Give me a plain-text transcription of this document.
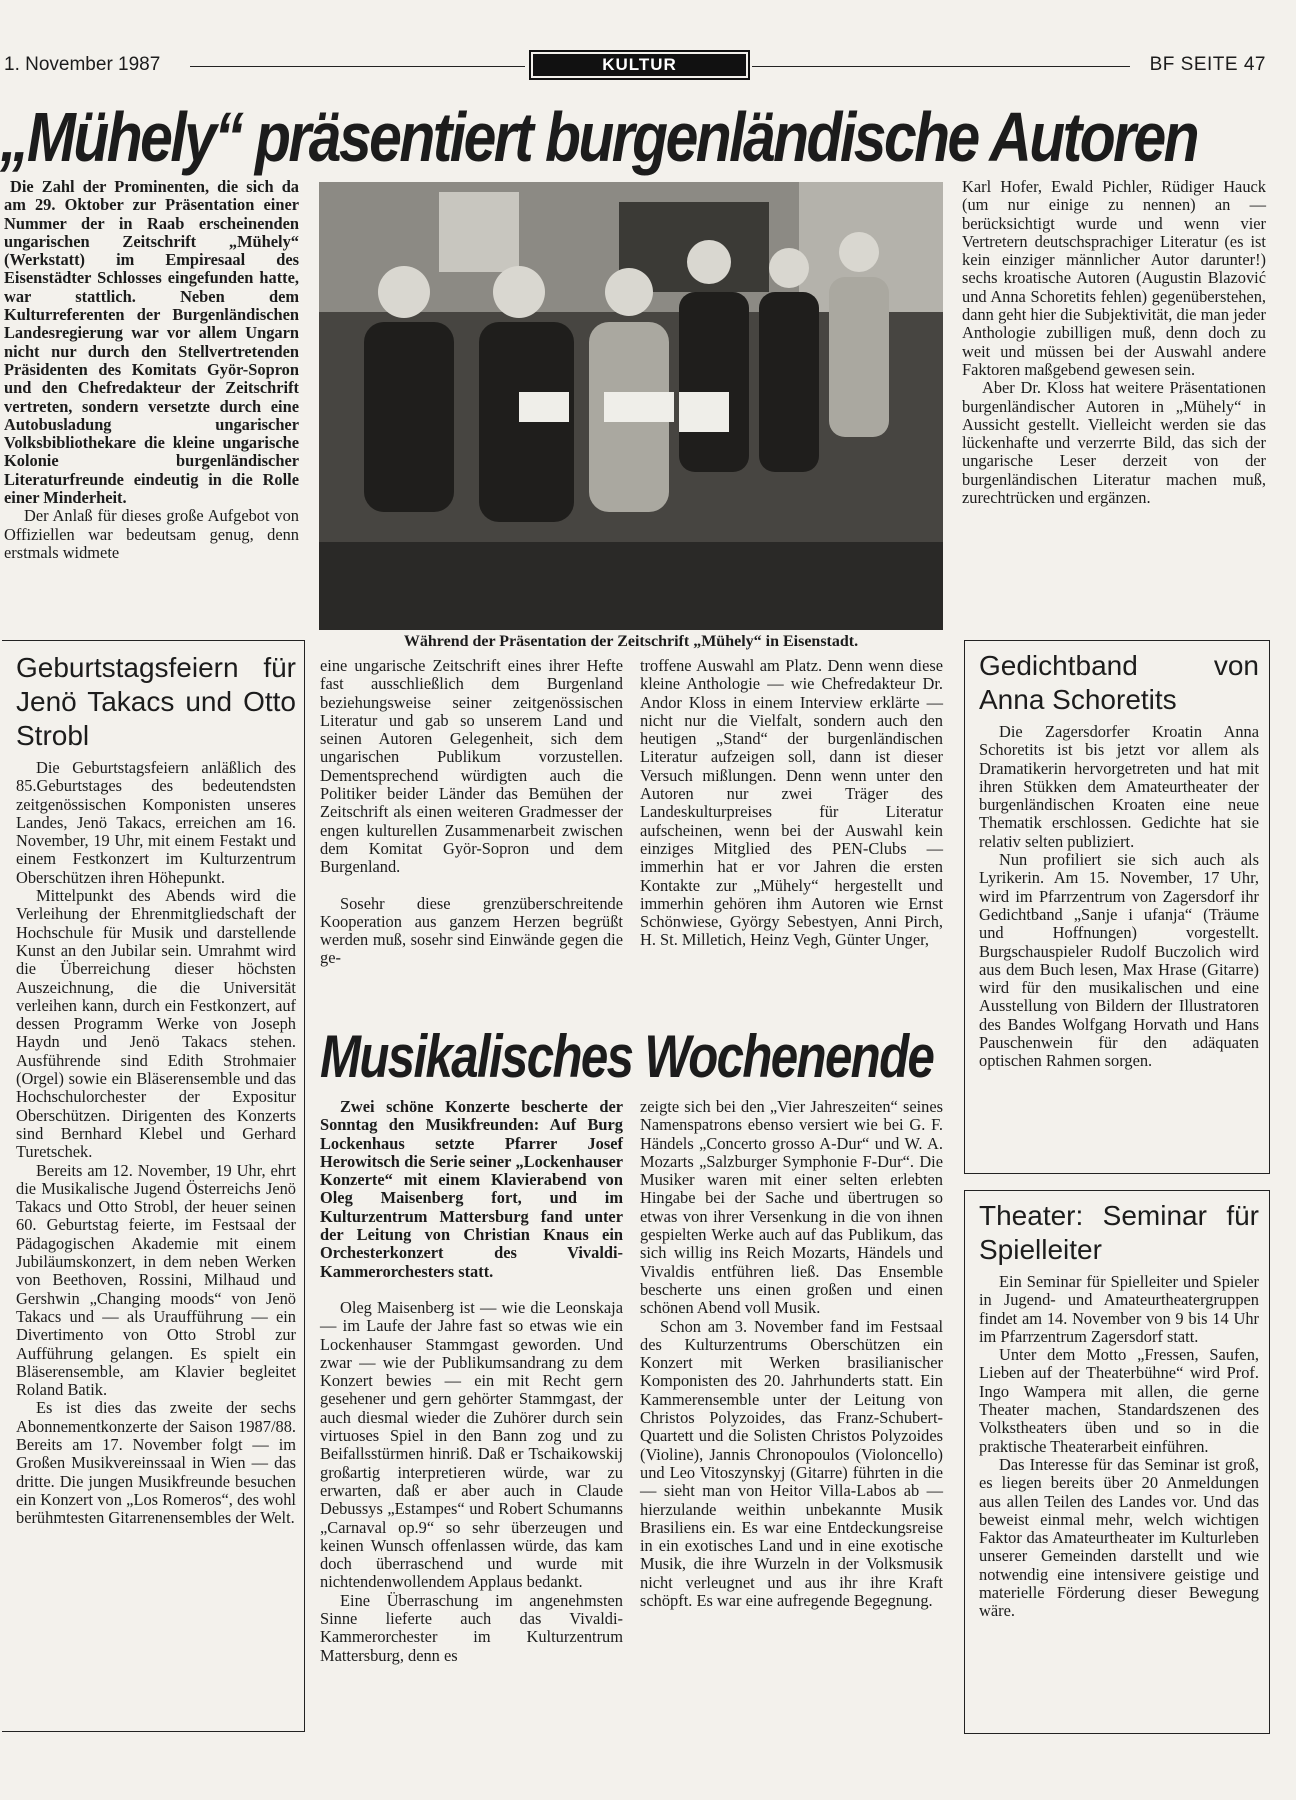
1. November 1987	KULTUR	BF SEITE 47
„Mühely“ präsentiert burgenländische Autoren

Die Zahl der Prominenten, die sich da am 29. Oktober zur Präsentation einer Nummer der in Raab erscheinenden ungarischen Zeitschrift „Mühely“ (Werkstatt) im Empiresaal des Eisenstädter Schlosses eingefunden hatte, war stattlich. Neben dem Kulturreferenten der Burgenländischen Landesregierung war vor allem Ungarn nicht nur durch den Stellvertretenden Präsidenten des Komitats Györ-Sopron und den Chefredakteur der Zeitschrift vertreten, sondern versetzte durch eine Autobusladung ungarischer Volksbibliothekare die kleine ungarische Kolonie burgenländischer Literaturfreunde eindeutig in die Rolle einer Minderheit.

Der Anlaß für dieses große Aufgebot von Offiziellen war bedeutsam genug, denn erstmals widmete

Während der Präsentation der Zeitschrift „Mühely“ in Eisenstadt.

Karl Hofer, Ewald Pichler, Rüdiger Hauck (um nur einige zu nennen) an — berücksichtigt wurde und wenn vier Vertretern deutschsprachiger Literatur (es ist kein einziger männlicher Autor darunter!) sechs kroatische Autoren (Augustin Blazović und Anna Schoretits fehlen) gegenüberstehen, dann geht hier die Subjektivität, die man jeder Anthologie zubilligen muß, denn doch zu weit und müssen bei der Auswahl andere Faktoren maßgebend gewesen sein.

Aber Dr. Kloss hat weitere Präsentationen burgenländischer Autoren in „Mühely“ in Aussicht gestellt. Vielleicht werden sie das lückenhafte und verzerrte Bild, das sich der ungarische Leser derzeit von der burgenländischen Literatur machen muß, zurechtrücken und ergänzen.

Geburtstagsfeiern für Jenö Takacs und Otto Strobl

Die Geburtstagsfeiern anläßlich des 85.Geburtstages des bedeutendsten zeitgenössischen Komponisten unseres Landes, Jenö Takacs, erreichen am 16. November, 19 Uhr, mit einem Festakt und einem Festkonzert im Kulturzentrum Oberschützen ihren Höhepunkt.

Mittelpunkt des Abends wird die Verleihung der Ehrenmitgliedschaft der Hochschule für Musik und darstellende Kunst an den Jubilar sein. Umrahmt wird die Überreichung dieser höchsten Auszeichnung, die die Universität verleihen kann, durch ein Festkonzert, auf dessen Programm Werke von Joseph Haydn und Jenö Takacs stehen. Ausführende sind Edith Strohmaier (Orgel) sowie ein Bläserensemble und das Hochschulorchester der Expositur Oberschützen. Dirigenten des Konzerts sind Bernhard Klebel und Gerhard Turetschek.

Bereits am 12. November, 19 Uhr, ehrt die Musikalische Jugend Österreichs Jenö Takacs und Otto Strobl, der heuer seinen 60. Geburtstag feierte, im Festsaal der Pädagogischen Akademie mit einem Jubiläumskonzert, in dem neben Werken von Beethoven, Rossini, Milhaud und Gershwin „Changing moods“ von Jenö Takacs und — als Uraufführung — ein Divertimento von Otto Strobl zur Aufführung gelangen. Es spielt ein Bläserensemble, am Klavier begleitet Roland Batik.

Es ist dies das zweite der sechs Abonnementkonzerte der Saison 1987/88. Bereits am 17. November folgt — im Großen Musikvereinssaal in Wien — das dritte. Die jungen Musikfreunde besuchen ein Konzert von „Los Romeros“, des wohl berühmtesten Gitarrenensembles der Welt.

eine ungarische Zeitschrift eines ihrer Hefte fast ausschließlich dem Burgenland beziehungsweise seiner zeitgenössischen Literatur und gab so unserem Land und seinen Autoren Gelegenheit, sich dem ungarischen Publikum vorzustellen. Dementsprechend würdigten auch die Politiker beider Länder das Bemühen der Zeitschrift als einen weiteren Gradmesser der engen kulturellen Zusammenarbeit zwischen dem Komitat Györ-Sopron und dem Burgenland.

Sosehr diese grenzüberschreitende Kooperation aus ganzem Herzen begrüßt werden muß, sosehr sind Einwände gegen die ge-

troffene Auswahl am Platz. Denn wenn diese kleine Anthologie — wie Chefredakteur Dr. Andor Kloss in einem Interview erklärte — nicht nur die Vielfalt, sondern auch den heutigen „Stand“ der burgenländischen Literatur aufzeigen soll, dann ist dieser Versuch mißlungen. Denn wenn unter den Autoren nur zwei Träger des Landeskulturpreises für Literatur aufscheinen, wenn bei der Auswahl kein einziges Mitglied des PEN-Clubs — immerhin hat er vor Jahren die ersten Kontakte zur „Mühely“ hergestellt und immerhin gehören ihm Autoren wie Ernst Schönwiese, György Sebestyen, Anni Pirch, H. St. Milletich, Heinz Vegh, Günter Unger,

Musikalisches Wochenende

Zwei schöne Konzerte bescherte der Sonntag den Musikfreunden: Auf Burg Lockenhaus setzte Pfarrer Josef Herowitsch die Serie seiner „Lockenhauser Konzerte“ mit einem Klavierabend von Oleg Maisenberg fort, und im Kulturzentrum Mattersburg fand unter der Leitung von Christian Knaus ein Orchesterkonzert des Vivaldi-Kammerorchesters statt.

Oleg Maisenberg ist — wie die Leonskaja — im Laufe der Jahre fast so etwas wie ein Lockenhauser Stammgast geworden. Und zwar — wie der Publikumsandrang zu dem Konzert bewies — ein mit Recht gern gesehener und gern gehörter Stammgast, der auch diesmal wieder die Zuhörer durch sein virtuoses Spiel in den Bann zog und zu Beifallsstürmen hinriß. Daß er Tschaikowskij großartig interpretieren würde, war zu erwarten, daß er aber auch in Claude Debussys „Estampes“ und Robert Schumanns „Carnaval op.9“ so sehr überzeugen und keinen Wunsch offenlassen würde, das kam doch überraschend und wurde mit nichtendenwollendem Applaus bedankt.

Eine Überraschung im angenehmsten Sinne lieferte auch das Vivaldi-Kammerorchester im Kulturzentrum Mattersburg, denn es

zeigte sich bei den „Vier Jahreszeiten“ seines Namenspatrons ebenso versiert wie bei G. F. Händels „Concerto grosso A-Dur“ und W. A. Mozarts „Salzburger Symphonie F-Dur“. Die Musiker waren mit einer selten erlebten Hingabe bei der Sache und übertrugen so etwas von ihrer Versenkung in die von ihnen gespielten Werke auch auf das Publikum, das sich willig ins Reich Mozarts, Händels und Vivaldis entführen ließ. Das Ensemble bescherte uns einen großen und einen schönen Abend voll Musik.

Schon am 3. November fand im Festsaal des Kulturzentrums Oberschützen ein Konzert mit Werken brasilianischer Komponisten des 20. Jahrhunderts statt. Ein Kammerensemble unter der Leitung von Christos Polyzoides, das Franz-Schubert-Quartett und die Solisten Christos Polyzoides (Violine), Jannis Chronopoulos (Violoncello) und Leo Vitoszynskyj (Gitarre) führten in die — sieht man von Heitor Villa-Labos ab — hierzulande weithin unbekannte Musik Brasiliens ein. Es war eine Entdeckungsreise in ein exotisches Land und in eine exotische Musik, die ihre Wurzeln in der Volksmusik nicht verleugnet und aus ihr ihre Kraft schöpft. Es war eine aufregende Begegnung.

Gedichtband von Anna Schoretits

Die Zagersdorfer Kroatin Anna Schoretits ist bis jetzt vor allem als Dramatikerin hervorgetreten und hat mit ihren Stükken dem Amateurtheater der burgenländischen Kroaten eine neue Thematik erschlossen. Gedichte hat sie relativ selten publiziert.

Nun profiliert sie sich auch als Lyrikerin. Am 15. November, 17 Uhr, wird im Pfarrzentrum von Zagersdorf ihr Gedichtband „Sanje i ufanja“ (Träume und Hoffnungen) vorgestellt. Burgschauspieler Rudolf Buczolich wird aus dem Buch lesen, Max Hrase (Gitarre) wird für den musikalischen und eine Ausstellung von Bildern der Illustratoren des Bandes Wolfgang Horvath und Hans Pauschenwein für den adäquaten optischen Rahmen sorgen.

Theater: Seminar für Spielleiter

Ein Seminar für Spielleiter und Spieler in Jugend- und Amateurtheatergruppen findet am 14. November von 9 bis 14 Uhr im Pfarrzentrum Zagersdorf statt.

Unter dem Motto „Fressen, Saufen, Lieben auf der Theaterbühne“ wird Prof. Ingo Wampera mit allen, die gerne Theater machen, Standardszenen des Volkstheaters üben und so in die praktische Theaterarbeit einführen.

Das Interesse für das Seminar ist groß, es liegen bereits über 20 Anmeldungen aus allen Teilen des Landes vor. Und das beweist einmal mehr, welch wichtigen Faktor das Amateurtheater im Kulturleben unserer Gemeinden darstellt und wie notwendig eine intensivere geistige und materielle Förderung dieser Bewegung wäre.
